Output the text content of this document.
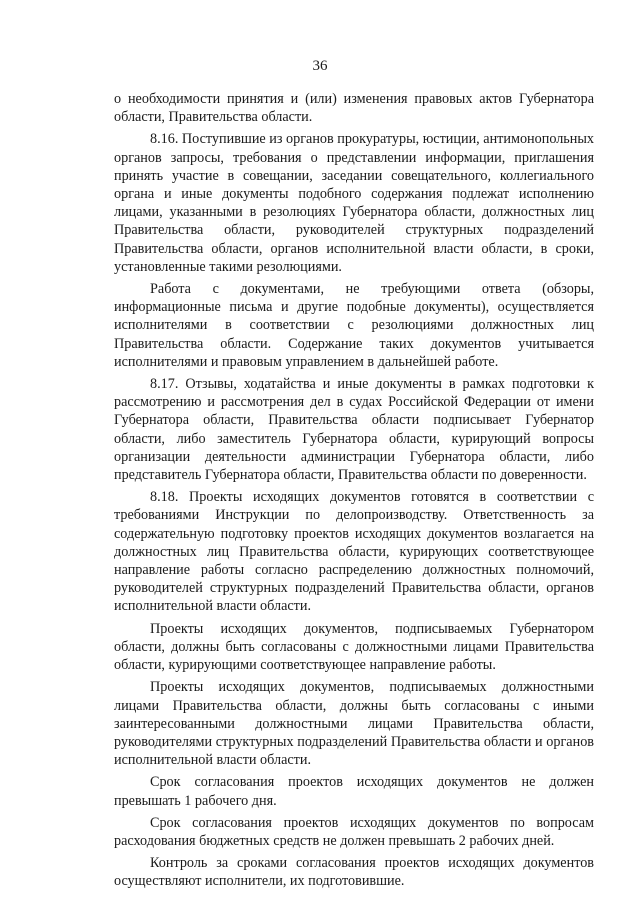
36

о необходимости принятия и (или) изменения правовых актов Губернатора области, Правительства области.

8.16. Поступившие из органов прокуратуры, юстиции, антимонопольных органов запросы, требования о представлении информации, приглашения принять участие в совещании, заседании совещательного, коллегиального органа и иные документы подобного содержания подлежат исполнению лицами, указанными в резолюциях Губернатора области, должностных лиц Правительства области, руководителей структурных подразделений Правительства области, органов исполнительной власти области, в сроки, установленные такими резолюциями.

Работа с документами, не требующими ответа (обзоры, информационные письма и другие подобные документы), осуществляется исполнителями в соответствии с резолюциями должностных лиц Правительства области. Содержание таких документов учитывается исполнителями и правовым управлением в дальнейшей работе.

8.17. Отзывы, ходатайства и иные документы в рамках подготовки к рассмотрению и рассмотрения дел в судах Российской Федерации от имени Губернатора области, Правительства области подписывает Губернатор области, либо заместитель Губернатора области, курирующий вопросы организации деятельности администрации Губернатора области, либо представитель Губернатора области, Правительства области по доверенности.

8.18. Проекты исходящих документов готовятся в соответствии с требованиями Инструкции по делопроизводству. Ответственность за содержательную подготовку проектов исходящих документов возлагается на должностных лиц Правительства области, курирующих соответствующее направление работы согласно распределению должностных полномочий, руководителей структурных подразделений Правительства области, органов исполнительной власти области.

Проекты исходящих документов, подписываемых Губернатором области, должны быть согласованы с должностными лицами Правительства области, курирующими соответствующее направление работы.

Проекты исходящих документов, подписываемых должностными лицами Правительства области, должны быть согласованы с иными заинтересованными должностными лицами Правительства области, руководителями структурных подразделений Правительства области и органов исполнительной власти области.

Срок согласования проектов исходящих документов не должен превышать 1 рабочего дня.

Срок согласования проектов исходящих документов по вопросам расходования бюджетных средств не должен превышать 2 рабочих дней.

Контроль за сроками согласования проектов исходящих документов осуществляют исполнители, их подготовившие.
